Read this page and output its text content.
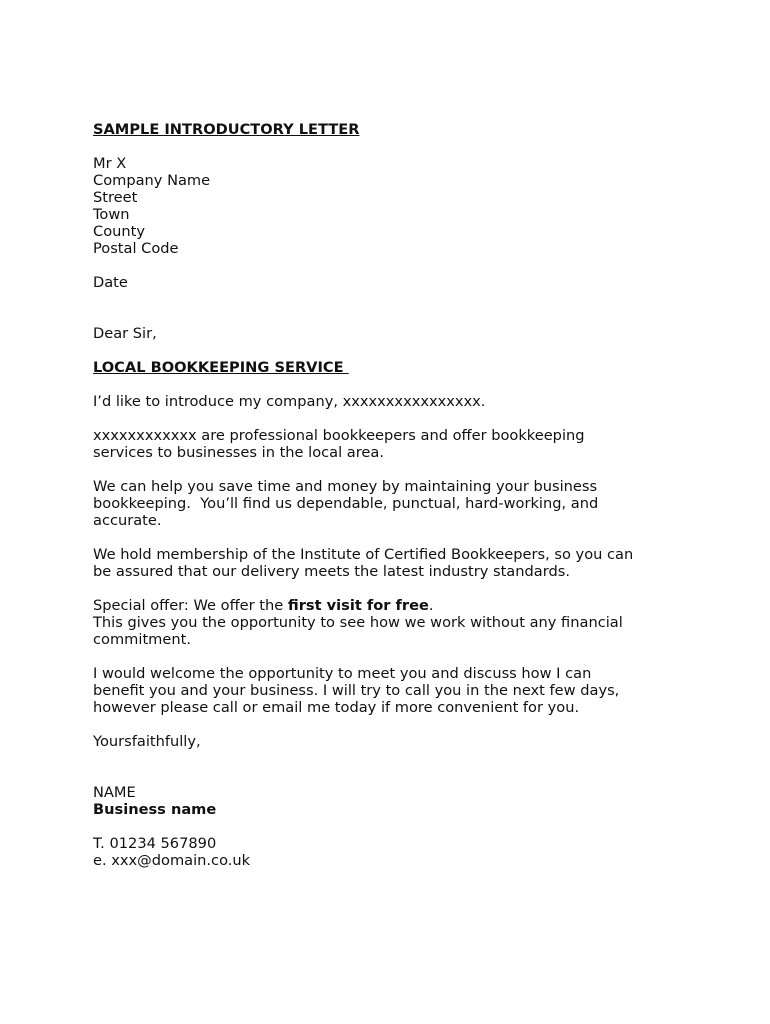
SAMPLE INTRODUCTORY LETTER
Mr X
Company Name
Street
Town
County
Postal Code
Date
Dear Sir,
LOCAL BOOKKEEPING SERVICE
I’d like to introduce my company, xxxxxxxxxxxxxxxx.
xxxxxxxxxxxx are professional bookkeepers and offer bookkeeping
services to businesses in the local area.
We can help you save time and money by maintaining your business
bookkeeping.  You’ll find us dependable, punctual, hard-working, and
accurate.
We hold membership of the Institute of Certified Bookkeepers, so you can
be assured that our delivery meets the latest industry standards.
Special offer: We offer the first visit for free.
This gives you the opportunity to see how we work without any financial
commitment.
I would welcome the opportunity to meet you and discuss how I can
benefit you and your business. I will try to call you in the next few days,
however please call or email me today if more convenient for you.
Yoursfaithfully,
NAME
Business name
T. 01234 567890
e. xxx@domain.co.uk
